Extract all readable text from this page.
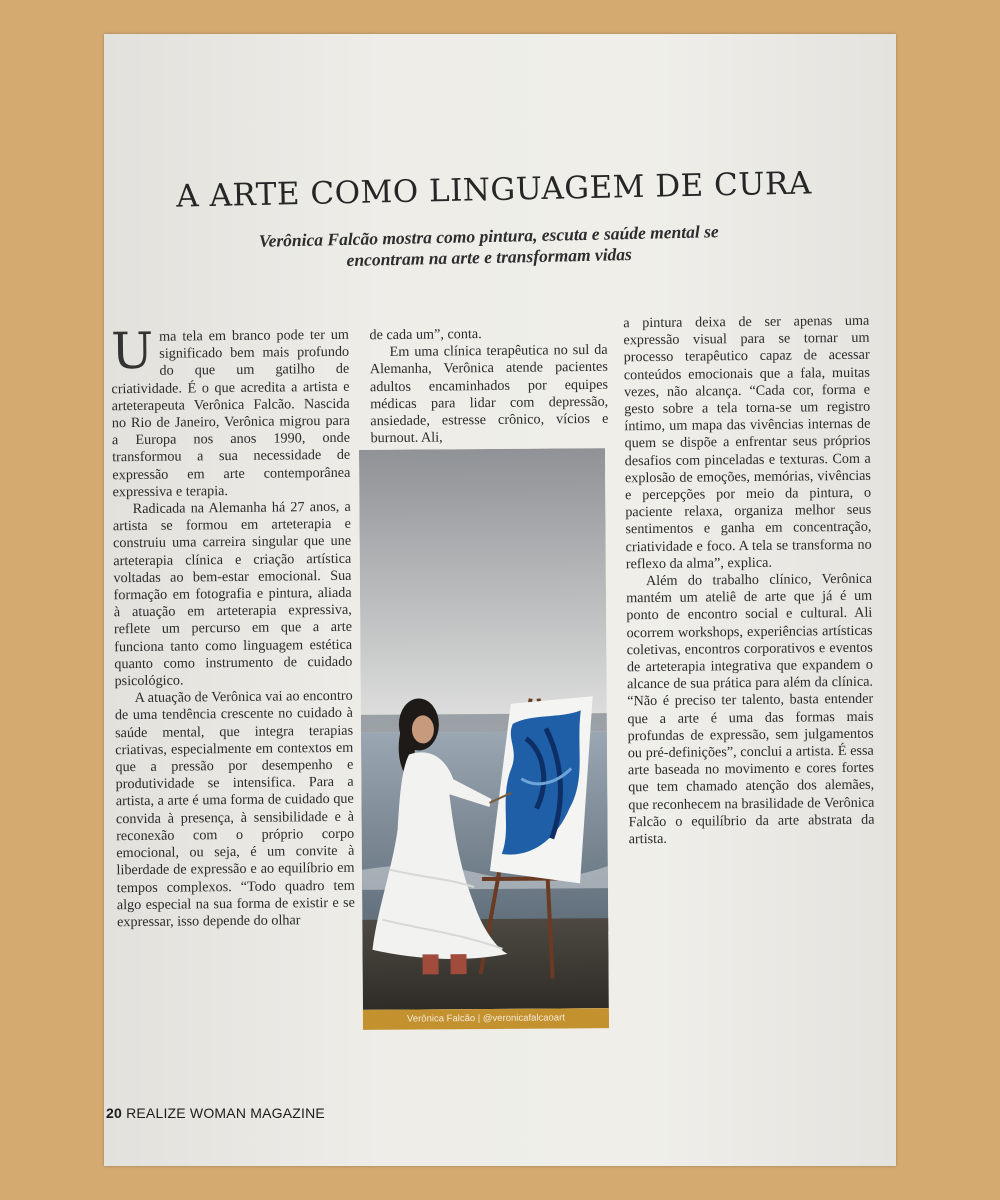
A ARTE COMO LINGUAGEM DE CURA
Verônica Falcão mostra como pintura, escuta e saúde mental se encontram na arte e transformam vidas

Uma tela em branco pode ter um significado bem mais profundo do que um gatilho de criatividade. É o que acredita a artista e arteterapeuta Verônica Falcão. Nascida no Rio de Janeiro, Verônica migrou para a Europa nos anos 1990, onde transformou a sua necessidade de expressão em arte contemporânea expressiva e terapia.

Radicada na Alemanha há 27 anos, a artista se formou em arteterapia e construiu uma carreira singular que une arteterapia clínica e criação artística voltadas ao bem-estar emocional. Sua formação em fotografia e pintura, aliada à atuação em arteterapia expressiva, reflete um percurso em que a arte funciona tanto como linguagem estética quanto como instrumento de cuidado psicológico.

A atuação de Verônica vai ao encontro de uma tendência crescente no cuidado à saúde mental, que integra terapias criativas, especialmente em contextos em que a pressão por desempenho e produtividade se intensifica. Para a artista, a arte é uma forma de cuidado que convida à presença, à sensibilidade e à reconexão com o próprio corpo emocional, ou seja, é um convite à liberdade de expressão e ao equilíbrio em tempos complexos. “Todo quadro tem algo especial na sua forma de existir e se expressar, isso depende do olhar

de cada um”, conta.

Em uma clínica terapêutica no sul da Alemanha, Verônica atende pacientes adultos encaminhados por equipes médicas para lidar com depressão, ansiedade, estresse crônico, vícios e burnout. Ali,

Verônica Falcão | @veronicafalcaoart

a pintura deixa de ser apenas uma expressão visual para se tornar um processo terapêutico capaz de acessar conteúdos emocionais que a fala, muitas vezes, não alcança. “Cada cor, forma e gesto sobre a tela torna-se um registro íntimo, um mapa das vivências internas de quem se dispõe a enfrentar seus próprios desafios com pinceladas e texturas. Com a explosão de emoções, memórias, vivências e percepções por meio da pintura, o paciente relaxa, organiza melhor seus sentimentos e ganha em concentração, criatividade e foco. A tela se transforma no reflexo da alma”, explica.

Além do trabalho clínico, Verônica mantém um ateliê de arte que já é um ponto de encontro social e cultural. Ali ocorrem workshops, experiências artísticas coletivas, encontros corporativos e eventos de arteterapia integrativa que expandem o alcance de sua prática para além da clínica. “Não é preciso ter talento, basta entender que a arte é uma das formas mais profundas de expressão, sem julgamentos ou pré-definições”, conclui a artista. É essa arte baseada no movimento e cores fortes que tem chamado atenção dos alemães, que reconhecem na brasilidade de Verônica Falcão o equilíbrio da arte abstrata da artista.

20 REALIZE WOMAN MAGAZINE
